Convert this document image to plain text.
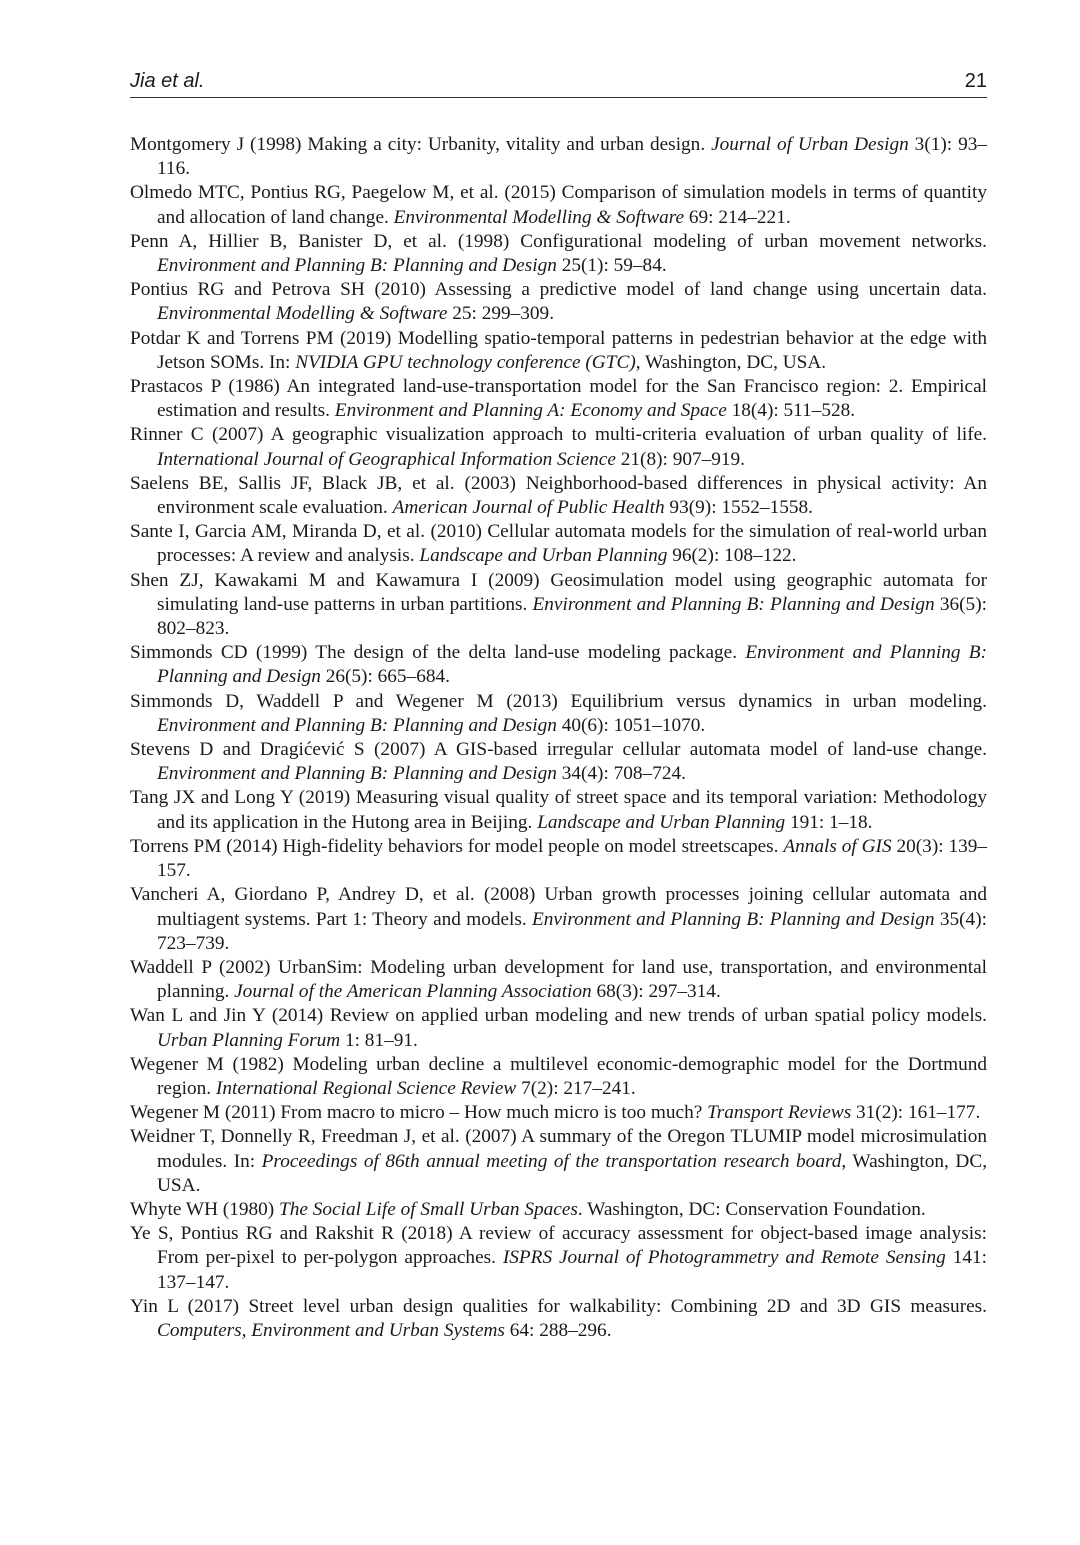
Jia et al.	21

Montgomery J (1998) Making a city: Urbanity, vitality and urban design. Journal of Urban Design 3(1): 93–116.

Olmedo MTC, Pontius RG, Paegelow M, et al. (2015) Comparison of simulation models in terms of quantity and allocation of land change. Environmental Modelling & Software 69: 214–221.

Penn A, Hillier B, Banister D, et al. (1998) Configurational modeling of urban movement networks. Environment and Planning B: Planning and Design 25(1): 59–84.

Pontius RG and Petrova SH (2010) Assessing a predictive model of land change using uncertain data. Environmental Modelling & Software 25: 299–309.

Potdar K and Torrens PM (2019) Modelling spatio-temporal patterns in pedestrian behavior at the edge with Jetson SOMs. In: NVIDIA GPU technology conference (GTC), Washington, DC, USA.

Prastacos P (1986) An integrated land-use-transportation model for the San Francisco region: 2. Empirical estimation and results. Environment and Planning A: Economy and Space 18(4): 511–528.

Rinner C (2007) A geographic visualization approach to multi-criteria evaluation of urban quality of life. International Journal of Geographical Information Science 21(8): 907–919.

Saelens BE, Sallis JF, Black JB, et al. (2003) Neighborhood-based differences in physical activity: An environment scale evaluation. American Journal of Public Health 93(9): 1552–1558.

Sante I, Garcia AM, Miranda D, et al. (2010) Cellular automata models for the simulation of real-world urban processes: A review and analysis. Landscape and Urban Planning 96(2): 108–122.

Shen ZJ, Kawakami M and Kawamura I (2009) Geosimulation model using geographic automata for simulating land-use patterns in urban partitions. Environment and Planning B: Planning and Design 36(5): 802–823.

Simmonds CD (1999) The design of the delta land-use modeling package. Environment and Planning B: Planning and Design 26(5): 665–684.

Simmonds D, Waddell P and Wegener M (2013) Equilibrium versus dynamics in urban modeling. Environment and Planning B: Planning and Design 40(6): 1051–1070.

Stevens D and Dragićević S (2007) A GIS-based irregular cellular automata model of land-use change. Environment and Planning B: Planning and Design 34(4): 708–724.

Tang JX and Long Y (2019) Measuring visual quality of street space and its temporal variation: Methodology and its application in the Hutong area in Beijing. Landscape and Urban Planning 191: 1–18.

Torrens PM (2014) High-fidelity behaviors for model people on model streetscapes. Annals of GIS 20(3): 139–157.

Vancheri A, Giordano P, Andrey D, et al. (2008) Urban growth processes joining cellular automata and multiagent systems. Part 1: Theory and models. Environment and Planning B: Planning and Design 35(4): 723–739.

Waddell P (2002) UrbanSim: Modeling urban development for land use, transportation, and environmental planning. Journal of the American Planning Association 68(3): 297–314.

Wan L and Jin Y (2014) Review on applied urban modeling and new trends of urban spatial policy models. Urban Planning Forum 1: 81–91.

Wegener M (1982) Modeling urban decline a multilevel economic-demographic model for the Dortmund region. International Regional Science Review 7(2): 217–241.

Wegener M (2011) From macro to micro – How much micro is too much? Transport Reviews 31(2): 161–177.

Weidner T, Donnelly R, Freedman J, et al. (2007) A summary of the Oregon TLUMIP model microsimulation modules. In: Proceedings of 86th annual meeting of the transportation research board, Washington, DC, USA.

Whyte WH (1980) The Social Life of Small Urban Spaces. Washington, DC: Conservation Foundation.

Ye S, Pontius RG and Rakshit R (2018) A review of accuracy assessment for object-based image analysis: From per-pixel to per-polygon approaches. ISPRS Journal of Photogrammetry and Remote Sensing 141: 137–147.

Yin L (2017) Street level urban design qualities for walkability: Combining 2D and 3D GIS measures. Computers, Environment and Urban Systems 64: 288–296.
